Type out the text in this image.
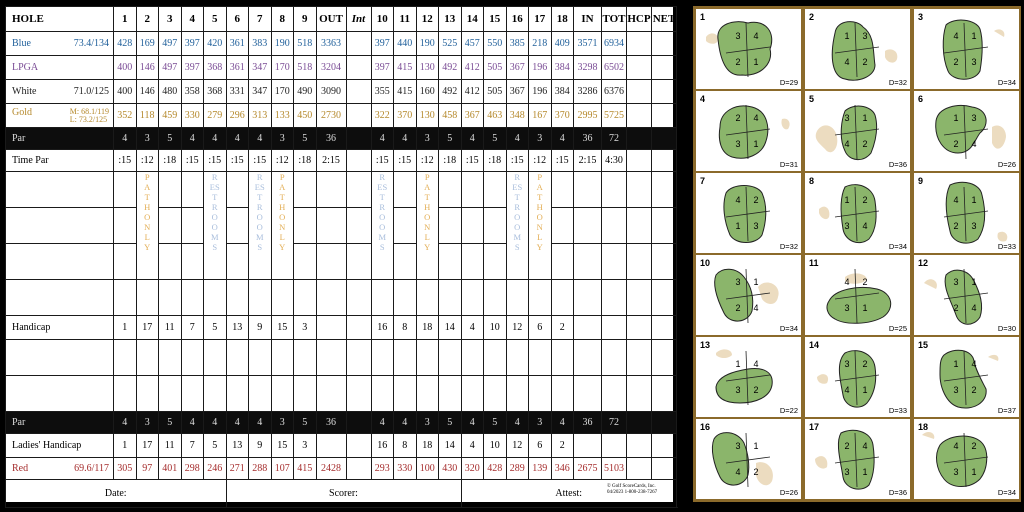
HOLE	1	2	3	4	5	6	7	8	9	OUT	Int	10	11	12	13	14	15	16	17	18	IN	TOT	HCP	NET
Blue 73.4/134	428	169	497	397	420	361	383	190	518	3363		397	440	190	525	457	550	385	218	409	3571	6934		
LPGA	400	146	497	397	368	361	347	170	518	3204		397	415	130	492	412	505	367	196	384	3298	6502		
White 71.0/125	400	146	480	358	368	331	347	170	490	3090		355	415	160	492	412	505	367	196	384	3286	6376		
Gold M: 68.1/119
L: 73.2/125	352	118	459	330	279	296	313	133	450	2730		322	370	130	458	367	463	348	167	370	2995	5725		
Par	4	3	5	4	4	4	4	3	5	36		4	4	3	5	4	5	4	3	4	36	72		
Time Par	:15	:12	:18	:15	:15	:15	:15	:12	:18	2:15		:15	:15	:12	:18	:15	:18	:15	:12	:15	2:15	4:30		

		PATH ONLY			REST ROOMS		REST ROOMS	PATH ONLY				REST ROOMS		PATH ONLY				REST ROOMS	PATH ONLY					

Handicap	1	17	11	7	5	13	9	15	3			16	8	18	14	4	10	12	6	2				

Par	4	3	5	4	4	4	4	3	5	36		4	4	3	5	4	5	4	3	4	36	72		
Ladies' Handicap	1	17	11	7	5	13	9	15	3			16	8	18	14	4	10	12	6	2				
Red 69.6/117	305	97	401	298	246	271	288	107	415	2428		293	330	100	430	320	428	289	139	346	2675	5103		
Date:						Scorer:										Attest:								
© Golf ScoreCards, Inc.
04/2023 1-800-238-7267
4
3
2 1
1
D=29
3
1
4 2
2
D=32
1
4
2 3
3
D=34
4
2
3 1
4
D=31
1
3
4 2
5
D=36
3
1
2 4
6
D=26
2
4
1 3
7
D=32
2
1
3 4
8
D=34
1
4
2 3
9
D=33
1
3
2 4
10
D=34
2
4
3 1
11
D=25
1
3
2 4
12
D=30
4
1
3 2
13
D=22
2
3
4 1
14
D=33
4
1
3 2
15
D=37
1
3
4 2
16
D=26
4
2
3 1
17
D=36
2
4
3 1
18
D=34
